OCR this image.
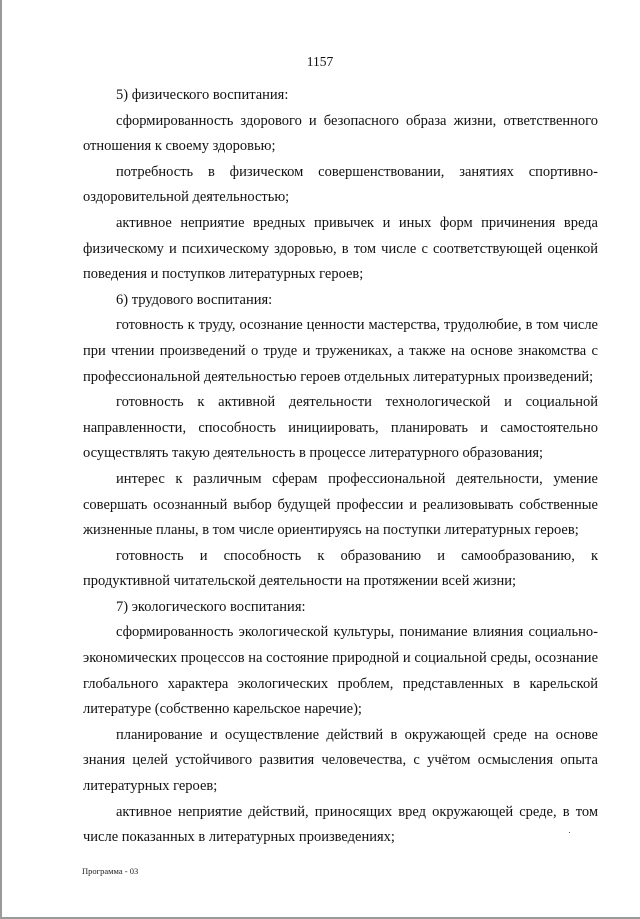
1157

5) физического воспитания:

сформированность здорового и безопасного образа жизни, ответственного отношения к своему здоровью;

потребность в физическом совершенствовании, занятиях спортивно-оздоровительной деятельностью;

активное неприятие вредных привычек и иных форм причинения вреда физическому и психическому здоровью, в том числе с соответствующей оценкой поведения и поступков литературных героев;

6) трудового воспитания:

готовность к труду, осознание ценности мастерства, трудолюбие, в том числе при чтении произведений о труде и тружениках, а также на основе знакомства с профессиональной деятельностью героев отдельных литературных произведений;

готовность к активной деятельности технологической и социальной направленности, способность инициировать, планировать и самостоятельно осуществлять такую деятельность в процессе литературного образования;

интерес к различным сферам профессиональной деятельности, умение совершать осознанный выбор будущей профессии и реализовывать собственные жизненные планы, в том числе ориентируясь на поступки литературных героев;

готовность и способность к образованию и самообразованию, к продуктивной читательской деятельности на протяжении всей жизни;

7) экологического воспитания:

сформированность экологической культуры, понимание влияния социально-экономических процессов на состояние природной и социальной среды, осознание глобального характера экологических проблем, представленных в карельской литературе (собственно карельское наречие);

планирование и осуществление действий в окружающей среде на основе знания целей устойчивого развития человечества, с учётом осмысления опыта литературных героев;

активное неприятие действий, приносящих вред окружающей среде, в том числе показанных в литературных произведениях;

Программа - 03
